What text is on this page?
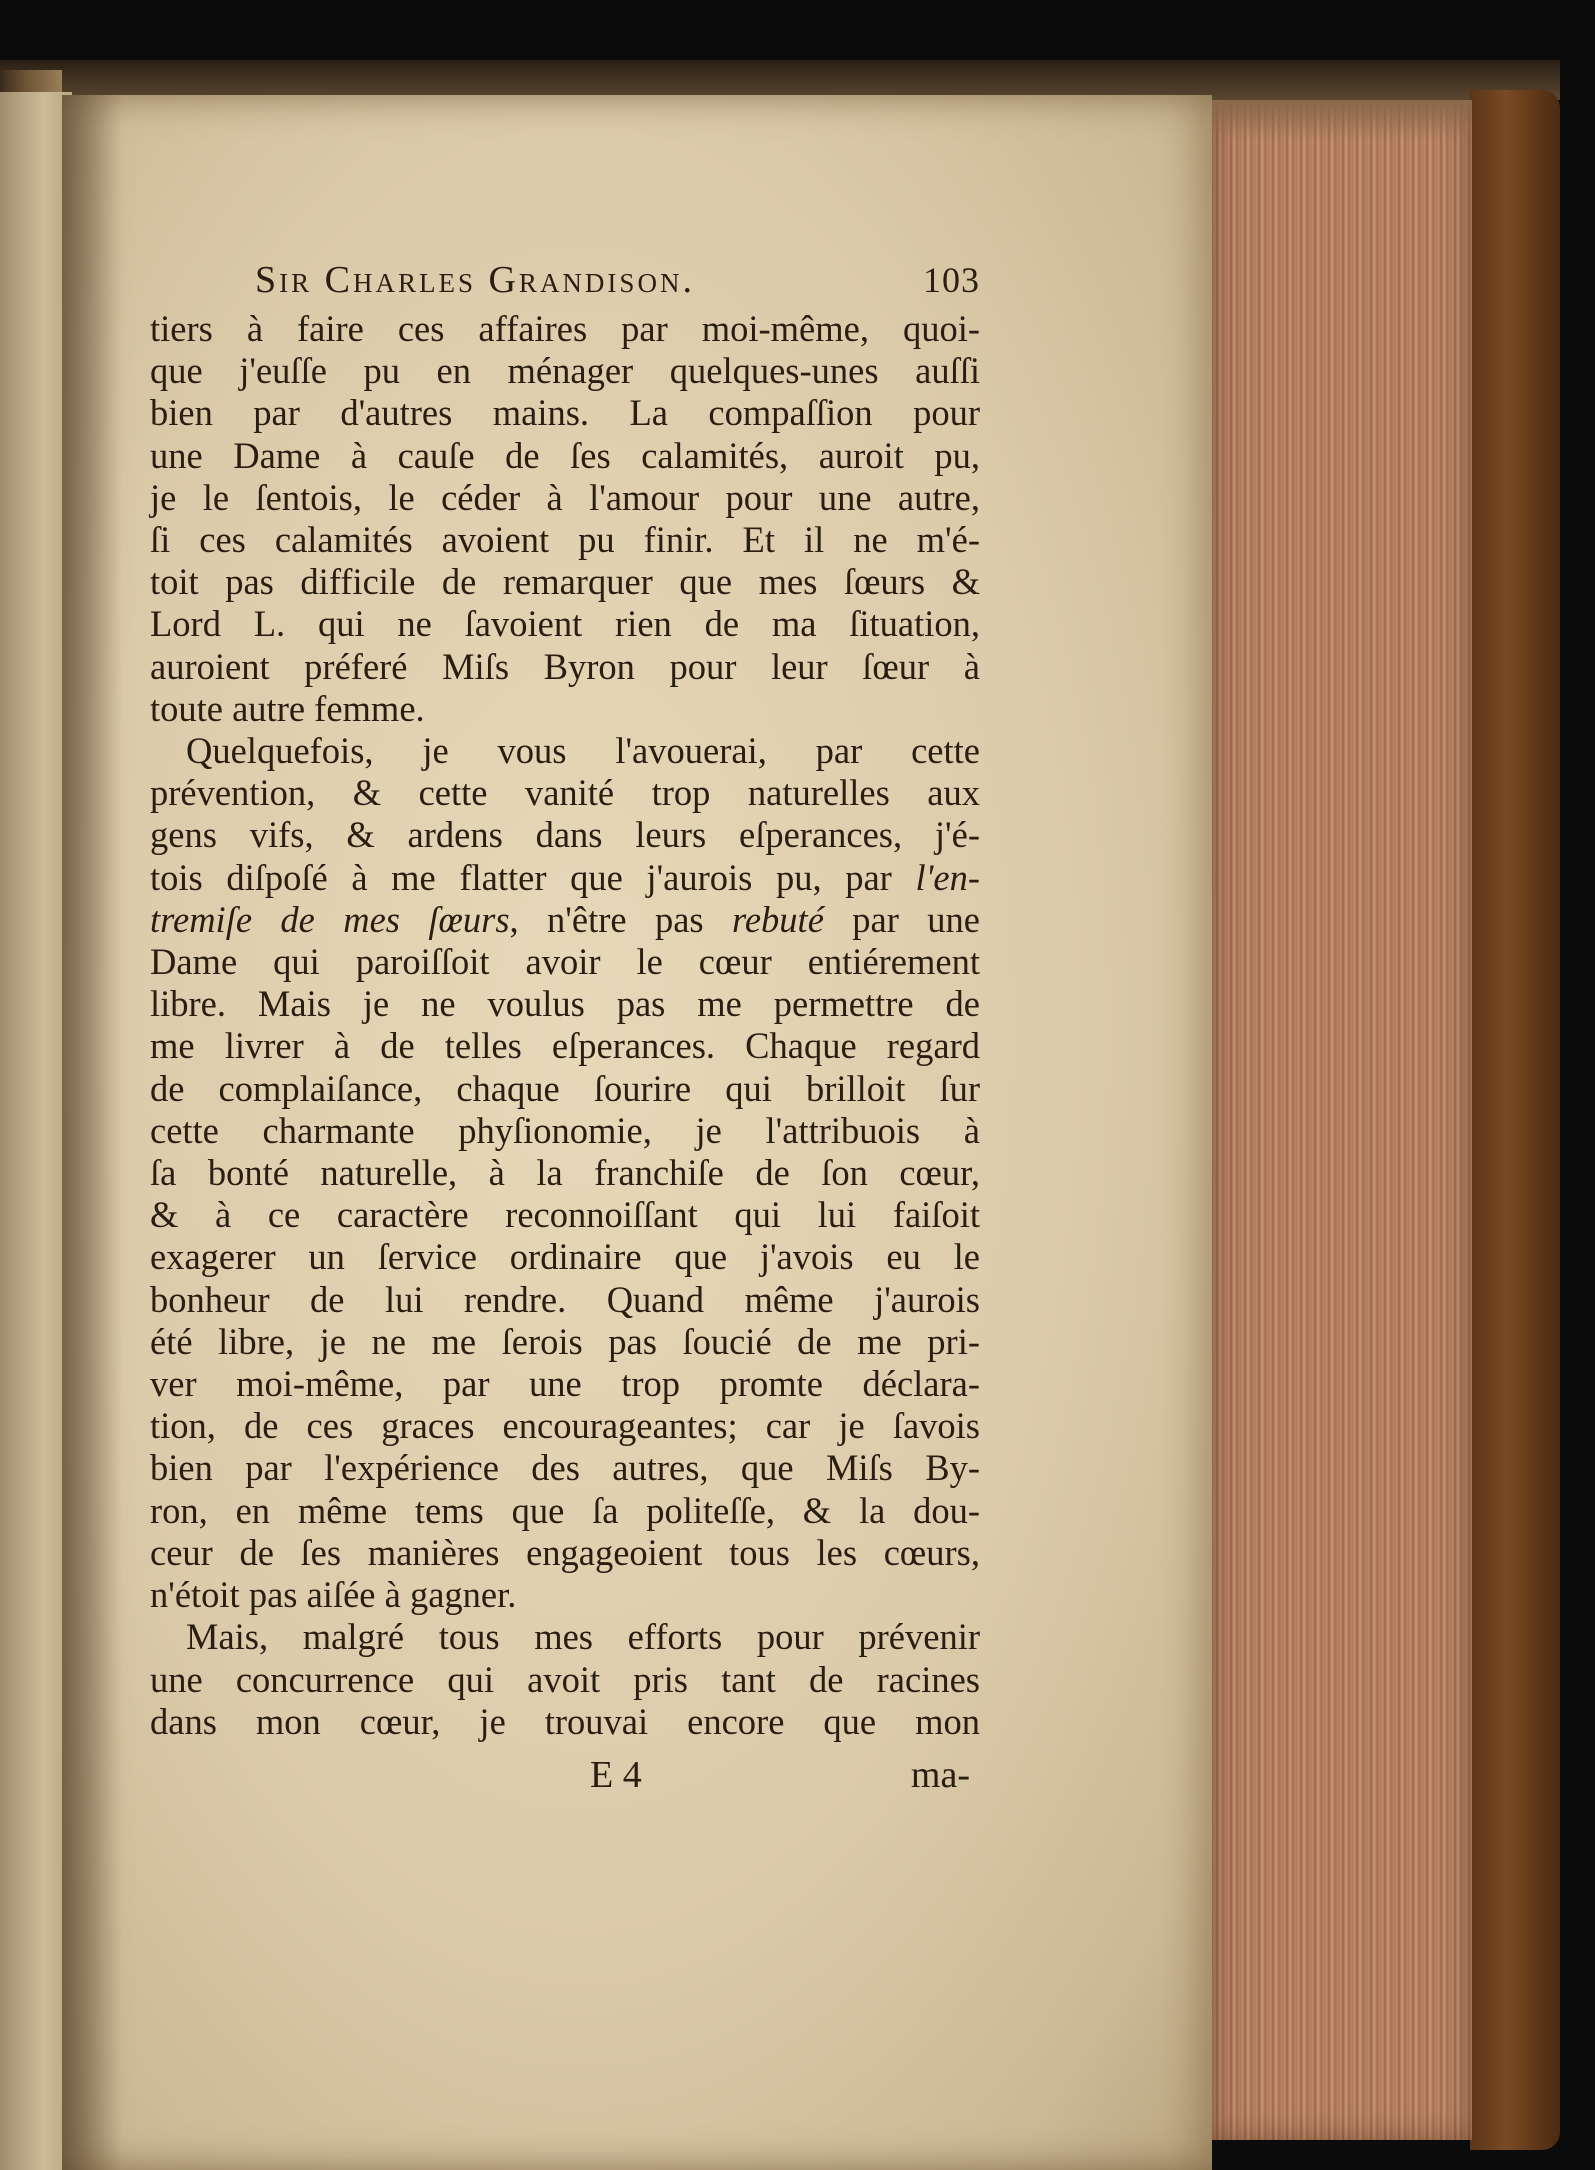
Sir Charles Grandison.	103
tiers à faire ces affaires par moi-même, quoi-
que j'euſſe pu en ménager quelques-unes auſſi
bien par d'autres mains. La compaſſion pour
une Dame à cauſe de ſes calamités, auroit pu,
je le ſentois, le céder à l'amour pour une autre,
ſi ces calamités avoient pu finir. Et il ne m'é-
toit pas difficile de remarquer que mes ſœurs &
Lord L. qui ne ſavoient rien de ma ſituation,
auroient préferé Miſs Byron pour leur ſœur à
toute autre femme.
Quelquefois, je vous l'avouerai, par cette
prévention, & cette vanité trop naturelles aux
gens vifs, & ardens dans leurs eſperances, j'é-
tois diſpoſé à me flatter que j'aurois pu, par l'en-
tremiſe de mes ſœurs, n'être pas rebuté par une
Dame qui paroiſſoit avoir le cœur entiérement
libre. Mais je ne voulus pas me permettre de
me livrer à de telles eſperances. Chaque regard
de complaiſance, chaque ſourire qui brilloit ſur
cette charmante phyſionomie, je l'attribuois à
ſa bonté naturelle, à la franchiſe de ſon cœur,
& à ce caractère reconnoiſſant qui lui faiſoit
exagerer un ſervice ordinaire que j'avois eu le
bonheur de lui rendre. Quand même j'aurois
été libre, je ne me ſerois pas ſoucié de me pri-
ver moi-même, par une trop promte déclara-
tion, de ces graces encourageantes; car je ſavois
bien par l'expérience des autres, que Miſs By-
ron, en même tems que ſa politeſſe, & la dou-
ceur de ſes manières engageoient tous les cœurs,
n'étoit pas aiſée à gagner.
Mais, malgré tous mes efforts pour prévenir
une concurrence qui avoit pris tant de racines
dans mon cœur, je trouvai encore que mon
E 4	ma-
